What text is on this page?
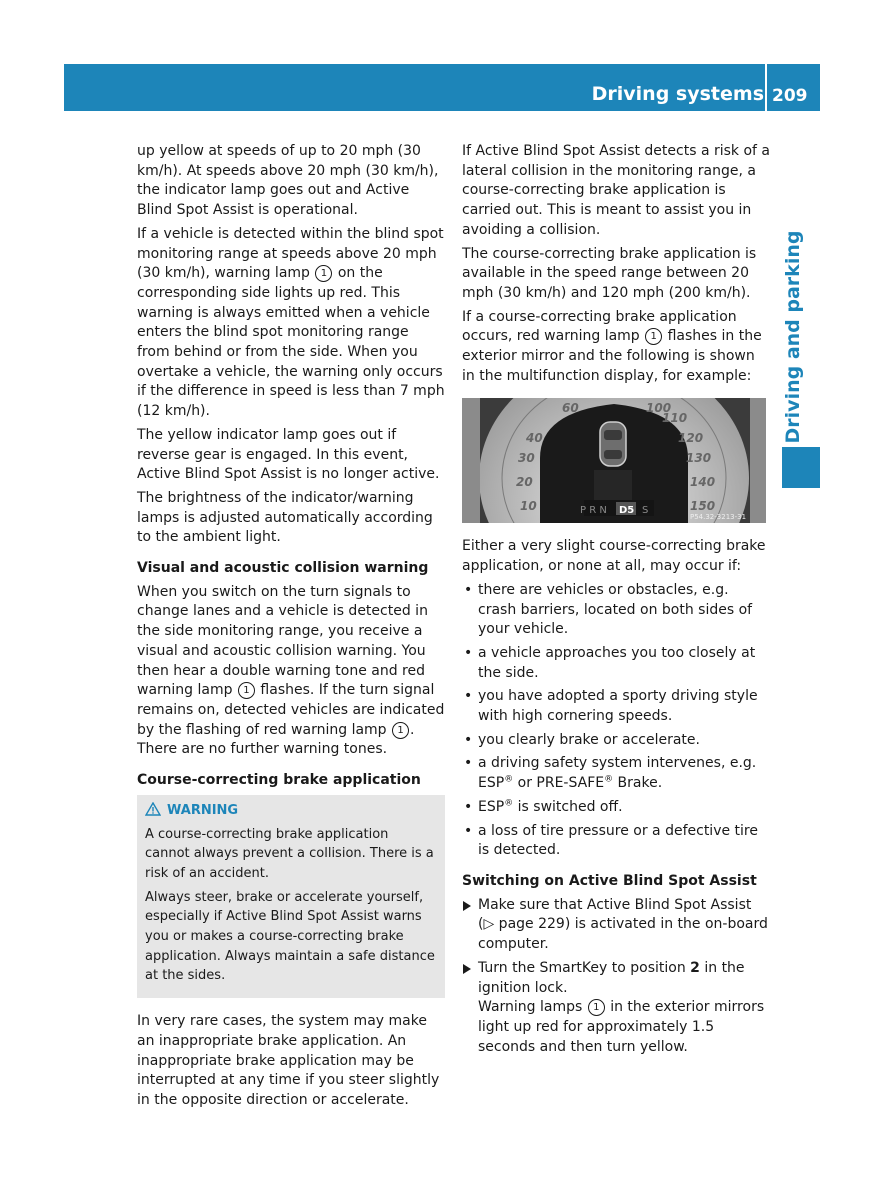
Driving systems 209
Driving and parking

up yellow at speeds of up to 20 mph (30 km/h). At speeds above 20 mph (30 km/h), the indicator lamp goes out and Active Blind Spot Assist is operational.

If a vehicle is detected within the blind spot monitoring range at speeds above 20 mph (30 km/h), warning lamp 1 on the corresponding side lights up red. This warning is always emitted when a vehicle enters the blind spot monitoring range from behind or from the side. When you overtake a vehicle, the warning only occurs if the difference in speed is less than 7 mph (12 km/h).

The yellow indicator lamp goes out if reverse gear is engaged. In this event, Active Blind Spot Assist is no longer active.

The brightness of the indicator/warning lamps is adjusted automatically according to the ambient light.

Visual and acoustic collision warning

When you switch on the turn signals to change lanes and a vehicle is detected in the side monitoring range, you receive a visual and acoustic collision warning. You then hear a double warning tone and red warning lamp 1 flashes. If the turn signal remains on, detected vehicles are indicated by the flashing of red warning lamp 1 . There are no further warning tones.

Course-correcting brake application
WARNING

A course-correcting brake application cannot always prevent a collision. There is a risk of an accident.

Always steer, brake or accelerate yourself, especially if Active Blind Spot Assist warns you or makes a course-correcting brake application. Always maintain a safe distance at the sides.

In very rare cases, the system may make an inappropriate brake application. An inappropriate brake application may be interrupted at any time if you steer slightly in the opposite direction or accelerate.

If Active Blind Spot Assist detects a risk of a lateral collision in the monitoring range, a course-correcting brake application is carried out. This is meant to assist you in avoiding a collision.

The course-correcting brake application is available in the speed range between 20 mph (30 km/h) and 120 mph (200 km/h).

If a course-correcting brake application occurs, red warning lamp 1 flashes in the exterior mirror and the following is shown in the multifunction display, for example:

P R N D5 S
60
40
30
20
10
100
110
120
130
140
150
P54.32-3213-31

Either a very slight course-correcting brake application, or none at all, may occur if:

• there are vehicles or obstacles, e.g. crash barriers, located on both sides of your vehicle.
• a vehicle approaches you too closely at the side.
• you have adopted a sporty driving style with high cornering speeds.
• you clearly brake or accelerate.
• a driving safety system intervenes, e.g. ESP® or PRE-SAFE® Brake.
• ESP® is switched off.
• a loss of tire pressure or a defective tire is detected.
Switching on Active Blind Spot Assist
Make sure that Active Blind Spot Assist (▷ page 229) is activated in the on-board computer.
Turn the SmartKey to position 2 in the ignition lock.
Warning lamps 1 in the exterior mirrors light up red for approximately 1.5 seconds and then turn yellow.
